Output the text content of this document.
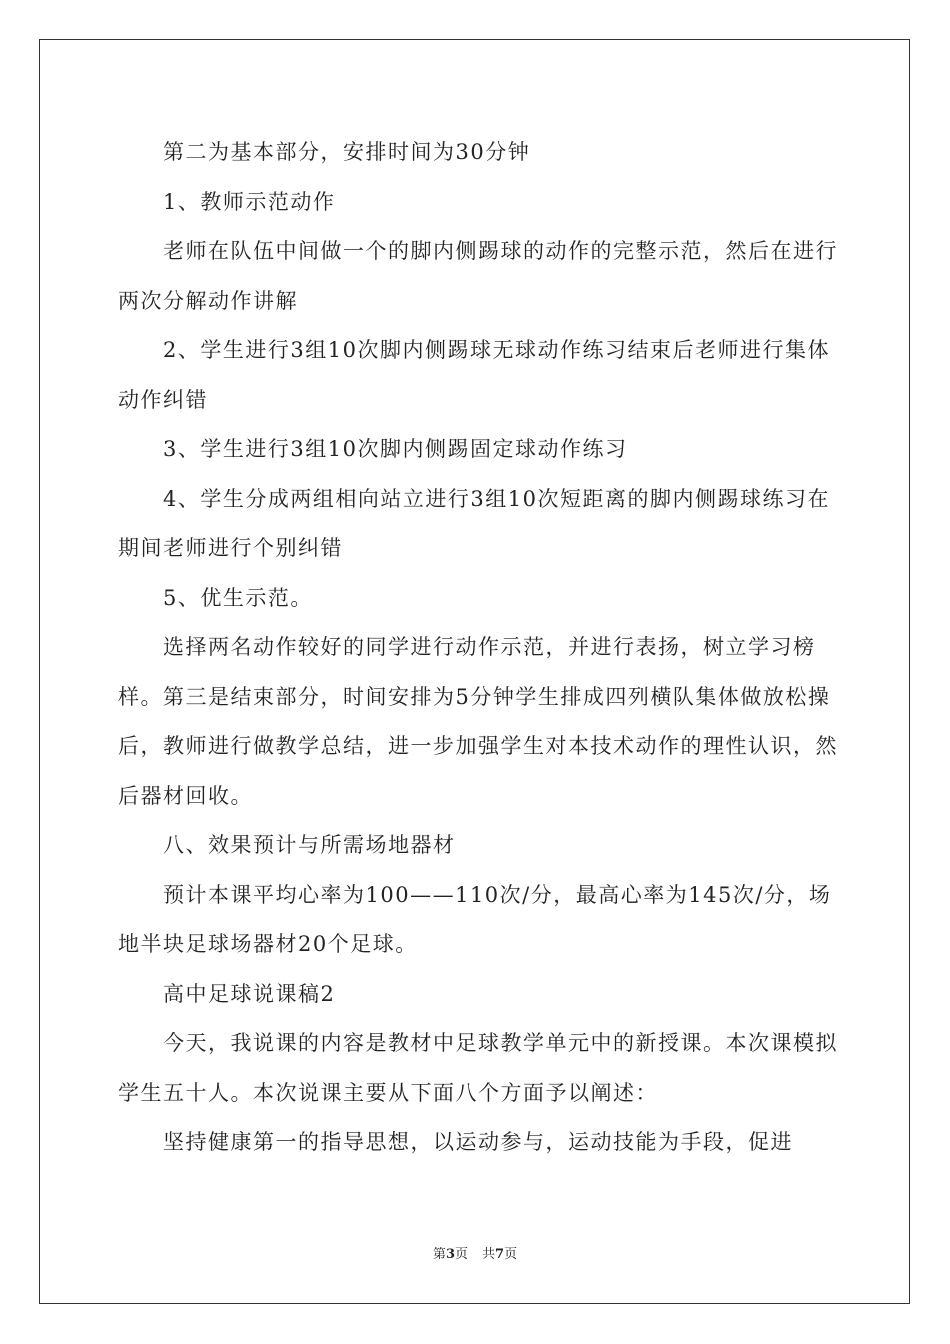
第二为基本部分，安排时间为30分钟

1、教师示范动作

老师在队伍中间做一个的脚内侧踢球的动作的完整示范，然后在进行两次分解动作讲解

2、学生进行3组10次脚内侧踢球无球动作练习结束后老师进行集体动作纠错

3、学生进行3组10次脚内侧踢固定球动作练习

4、学生分成两组相向站立进行3组10次短距离的脚内侧踢球练习在期间老师进行个别纠错

5、优生示范。

选择两名动作较好的同学进行动作示范，并进行表扬，树立学习榜样。第三是结束部分，时间安排为5分钟学生排成四列横队集体做放松操后，教师进行做教学总结，进一步加强学生对本技术动作的理性认识，然后器材回收。

八、效果预计与所需场地器材

预计本课平均心率为100——110次/分，最高心率为145次/分，场地半块足球场器材20个足球。

高中足球说课稿2

今天，我说课的内容是教材中足球教学单元中的新授课。本次课模拟学生五十人。本次说课主要从下面八个方面予以阐述：

坚持健康第一的指导思想，以运动参与，运动技能为手段，促进

第3页 共7页
